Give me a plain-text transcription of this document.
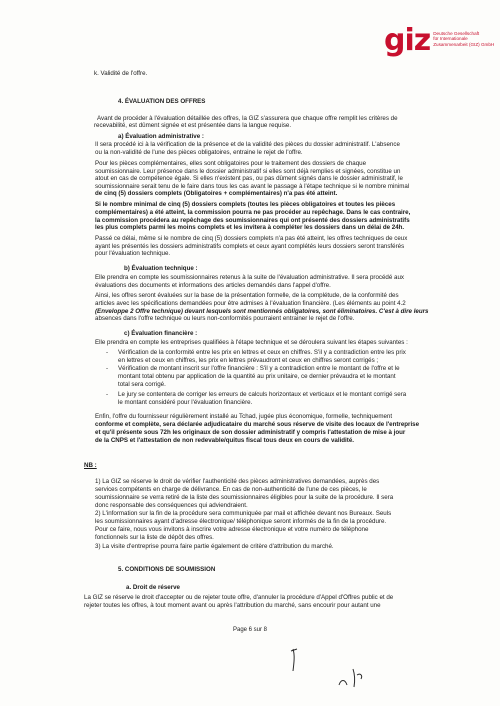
giz Deutsche Gesellschaft
für Internationale
Zusammenarbeit (GIZ) GmbH
k. Validité de l'offre.
4. ÉVALUATION DES OFFRES
Avant de procéder à l'évaluation détaillée des offres, la GIZ s'assurera que chaque offre remplit les critères de
recevabilité, est dûment signée et est présentée dans la langue requise.
a) Évaluation administrative :
Il sera procédé ici à la vérification de la présence et de la validité des pièces du dossier administratif. L'absence
ou la non-validité de l'une des pièces obligatoires, entraine le rejet de l'offre.
Pour les pièces complémentaires, elles sont obligatoires pour le traitement des dossiers de chaque
soumissionnaire. Leur présence dans le dossier administratif si elles sont déjà remplies et signées, constitue un
atout en cas de compétence égale. Si elles n'existent pas, ou pas dûment signés dans le dossier administratif, le
soumissionnaire serait tenu de le faire dans tous les cas avant le passage à l'étape technique si le nombre minimal
de cinq (5) dossiers complets (Obligatoires + complémentaires) n'a pas été atteint.
Si le nombre minimal de cinq (5) dossiers complets (toutes les pièces obligatoires et toutes les pièces
complémentaires) a été atteint, la commission pourra ne pas procéder au repêchage. Dans le cas contraire,
la commission procédera au repêchage des soumissionnaires qui ont présenté des dossiers administratifs
les plus complets parmi les moins complets et les invitera à compléter les dossiers dans un délai de 24h.
Passé ce délai, même si le nombre de cinq (5) dossiers complets n'a pas été atteint, les offres techniques de ceux
ayant les présentés les dossiers administratifs complets et ceux ayant complétés leurs dossiers seront transférés
pour l'évaluation technique.
b) Évaluation technique :
Elle prendra en compte les soumissionnaires retenus à la suite de l'évaluation administrative. Il sera procédé aux
évaluations des documents et informations des articles demandés dans l'appel d'offre.
Ainsi, les offres seront évaluées sur la base de la présentation formelle, de la complétude, de la conformité des
articles avec les spécifications demandées pour être admises à l'évaluation financière. (Les éléments au point 4.2
(Enveloppe 2 Offre technique) devant lesquels sont mentionnés obligatoires, sont éliminatoires. C'est à dire leurs
absences dans l'offre technique ou leurs non-conformités pourraient entrainer le rejet de l'offre.
c) Évaluation financière :
Elle prendra en compte les entreprises qualifiées à l'étape technique et se déroulera suivant les étapes suivantes :
- Vérification de la conformité entre les prix en lettres et ceux en chiffres. S'il y a contradiction entre les prix
en lettres et ceux en chiffres, les prix en lettres prévaudront et ceux en chiffres seront corrigés ;
- Vérification de montant inscrit sur l'offre financière : S'il y a contradiction entre le montant de l'offre et le
montant total obtenu par application de la quantité au prix unitaire, ce dernier prévaudra et le montant
total sera corrigé.
- Le jury se contentera de corriger les erreurs de calculs horizontaux et verticaux et le montant corrigé sera
le montant considéré pour l'évaluation financière.
Enfin, l'offre du fournisseur régulièrement installé au Tchad, jugée plus économique, formelle, techniquement
conforme et complète, sera déclarée adjudicataire du marché sous réserve de visite des locaux de l'entreprise
et qu'il présente sous 72h les originaux de son dossier administratif y compris l'attestation de mise à jour
de la CNPS et l'attestation de non redevable/quitus fiscal tous deux en cours de validité.
NB :
1) La GIZ se réserve le droit de vérifier l'authenticité des pièces administratives demandées, auprès des
services compétents en charge de délivrance. En cas de non-authenticité de l'une de ces pièces, le
soumissionnaire se verra retiré de la liste des soumissionnaires éligibles pour la suite de la procédure. Il sera
donc responsable des conséquences qui adviendraient.
2) L'information sur la fin de la procédure sera communiquée par mail et affichée devant nos Bureaux. Seuls
les soumissionnaires ayant d'adresse électronique/ téléphonique seront informés de la fin de la procédure.
Pour ce faire, nous vous invitons à inscrire votre adresse électronique et votre numéro de téléphone
fonctionnels sur la liste de dépôt des offres.
3) La visite d'entreprise pourra faire partie également de critère d'attribution du marché.
5. CONDITIONS DE SOUMISSION
a. Droit de réserve
La GIZ se réserve le droit d'accepter ou de rejeter toute offre, d'annuler la procédure d'Appel d'Offres public et de
rejeter toutes les offres, à tout moment avant ou après l'attribution du marché, sans encourir pour autant une
Page 6 sur 8
